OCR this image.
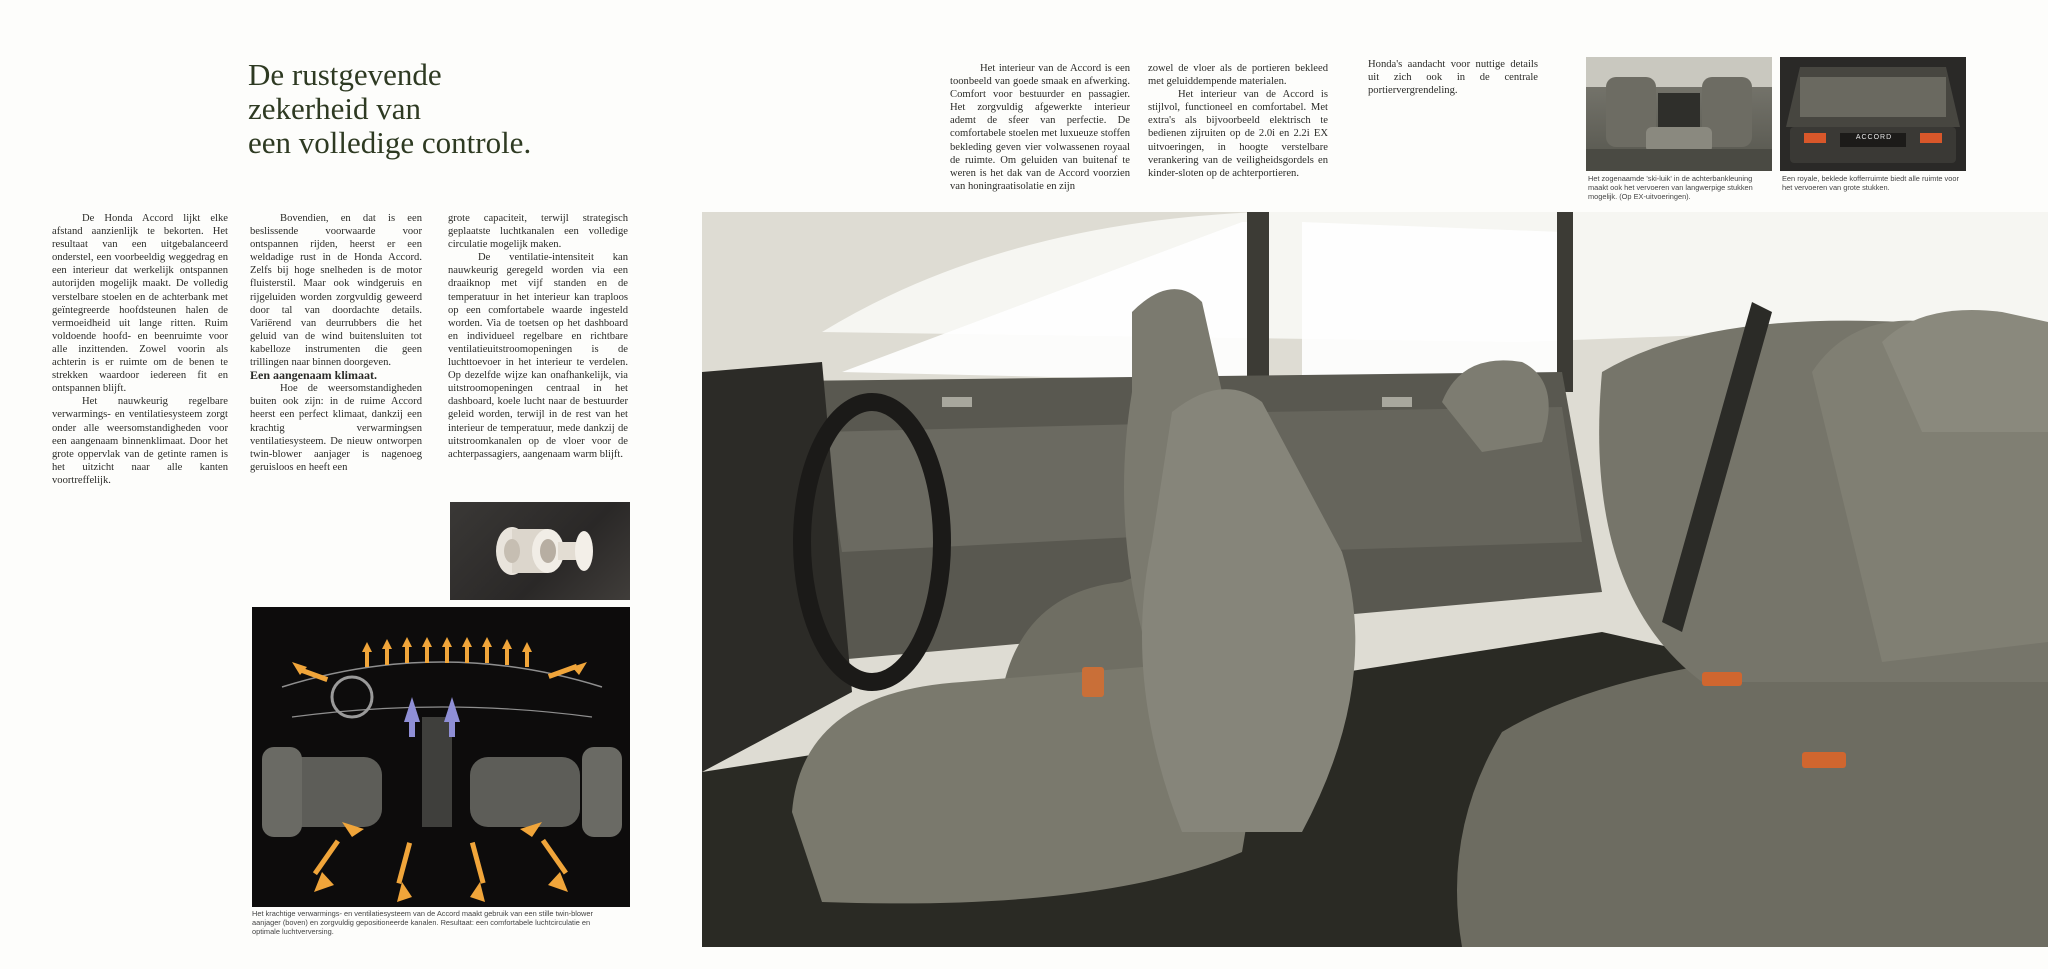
De rustgevende
zekerheid van
een volledige controle.

De Honda Accord lijkt elke afstand aanzienlijk te bekorten. Het resultaat van een uitgebalanceerd onderstel, een voorbeeldig weggedrag en een interieur dat werkelijk ontspannen autorijden mogelijk maakt. De volledig verstelbare stoelen en de achterbank met geïntegreerde hoofdsteunen halen de vermoeidheid uit lange ritten. Ruim voldoende hoofd- en beenruimte voor alle inzittenden. Zowel voorin als achterin is er ruimte om de benen te strekken waardoor iedereen fit en ontspannen blijft.

Het nauwkeurig regelbare verwarmings- en ventilatiesysteem zorgt onder alle weersomstandigheden voor een aangenaam binnenklimaat. Door het grote oppervlak van de getinte ramen is het uitzicht naar alle kanten voortreffelijk.

Bovendien, en dat is een beslissende voorwaarde voor ontspannen rijden, heerst er een weldadige rust in de Honda Accord. Zelfs bij hoge snelheden is de motor fluisterstil. Maar ook windgeruis en rijgeluiden worden zorgvuldig geweerd door tal van doordachte details. Variërend van deurrubbers die het geluid van de wind buitensluiten tot kabelloze instrumenten die geen trillingen naar binnen doorgeven.

Een aangenaam klimaat.

Hoe de weersomstandigheden buiten ook zijn: in de ruime Accord heerst een perfect klimaat, dankzij een krachtig verwarmingsen ventilatiesysteem. De nieuw ontworpen twin-blower aanjager is nagenoeg geruisloos en heeft een

grote capaciteit, terwijl strategisch geplaatste luchtkanalen een volledige circulatie mogelijk maken.

De ventilatie-intensiteit kan nauwkeurig geregeld worden via een draaiknop met vijf standen en de temperatuur in het interieur kan traploos op een comfortabele waarde ingesteld worden. Via de toetsen op het dashboard en individueel regelbare en richtbare ventilatieuitstroomopeningen is de luchttoevoer in het interieur te verdelen. Op dezelfde wijze kan onafhankelijk, via uitstroomopeningen centraal in het dashboard, koele lucht naar de bestuurder geleid worden, terwijl in de rest van het interieur de temperatuur, mede dankzij de uitstroomkanalen op de vloer voor de achterpassagiers, aangenaam warm blijft.

Het krachtige verwarmings- en ventilatiesysteem van de Accord maakt gebruik van een stille twin-blower aanjager (boven) en zorgvuldig gepositioneerde kanalen. Resultaat: een comfortabele luchtcirculatie en optimale luchtverversing.

Het interieur van de Accord is een toonbeeld van goede smaak en afwerking. Comfort voor bestuurder en passagier. Het zorgvuldig afgewerkte interieur ademt de sfeer van perfectie. De comfortabele stoelen met luxueuze stoffen bekleding geven vier volwassenen royaal de ruimte. Om geluiden van buitenaf te weren is het dak van de Accord voorzien van honingraatisolatie en zijn

zowel de vloer als de portieren bekleed met geluiddempende materialen.

Het interieur van de Accord is stijlvol, functioneel en comfortabel. Met extra's als bijvoorbeeld elektrisch te bedienen zijruiten op de 2.0i en 2.2i EX uitvoeringen, in hoogte verstelbare verankering van de veiligheidsgordels en kinder-sloten op de achterportieren.

Honda's aandacht voor nuttige details uit zich ook in de centrale portiervergrendeling.

Het zogenaamde 'ski-luik' in de achterbankleuning maakt ook het vervoeren van langwerpige stukken mogelijk. (Op EX-uitvoeringen).
ACCORD
Een royale, beklede kofferruimte biedt alle ruimte voor het vervoeren van grote stukken.
